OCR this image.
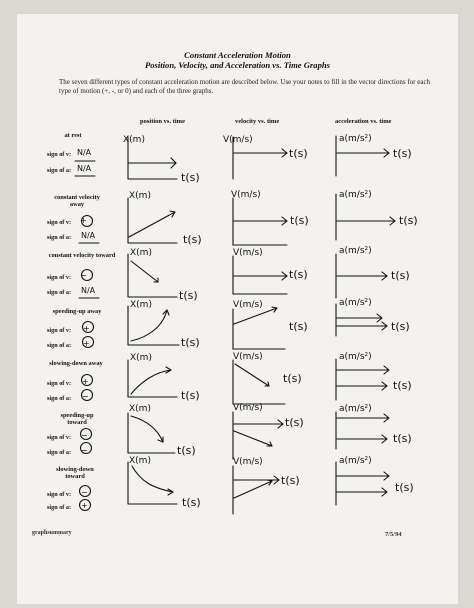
Constant Acceleration Motion
Position, Velocity, and Acceleration vs. Time Graphs
The seven different types of constant acceleration motion are described below. Use your notes to fill in the vector directions for each type of motion (+, -, or 0) and each of the three graphs.
position vs. time	velocity vs. time	acceleration vs. time
at rest
sign of v: N/A
sign of a: N/A
constant velocity away
sign of v: +
sign of a: N/A
constant velocity toward
sign of v: −
sign of a: N/A
speeding-up away
sign of v: +
sign of a: +
slowing-down away
sign of v: +
sign of a: −
speeding-up toward
sign of v: −
sign of a: −
slowing-down toward
sign of v: −
sign of a: +
X(m)
t(s)
X(m)
t(s)
X(m)
t(s)
X(m)
t(s)
X(m)
t(s)
X(m)
t(s)
X(m)
t(s)
V(m/s)
t(s)
V(m/s)
t(s)
V(m/s)
t(s)
V(m/s)
t(s)
V(m/s)
t(s)
V(m/s)
t(s)
V(m/s)
t(s)
a(m/s²)
t(s)
a(m/s²)
t(s)
a(m/s²)
t(s)
a(m/s²)
t(s)
a(m/s²)
t(s)
a(m/s²)
t(s)
a(m/s²)
t(s)
graphsummary	7/5/94
